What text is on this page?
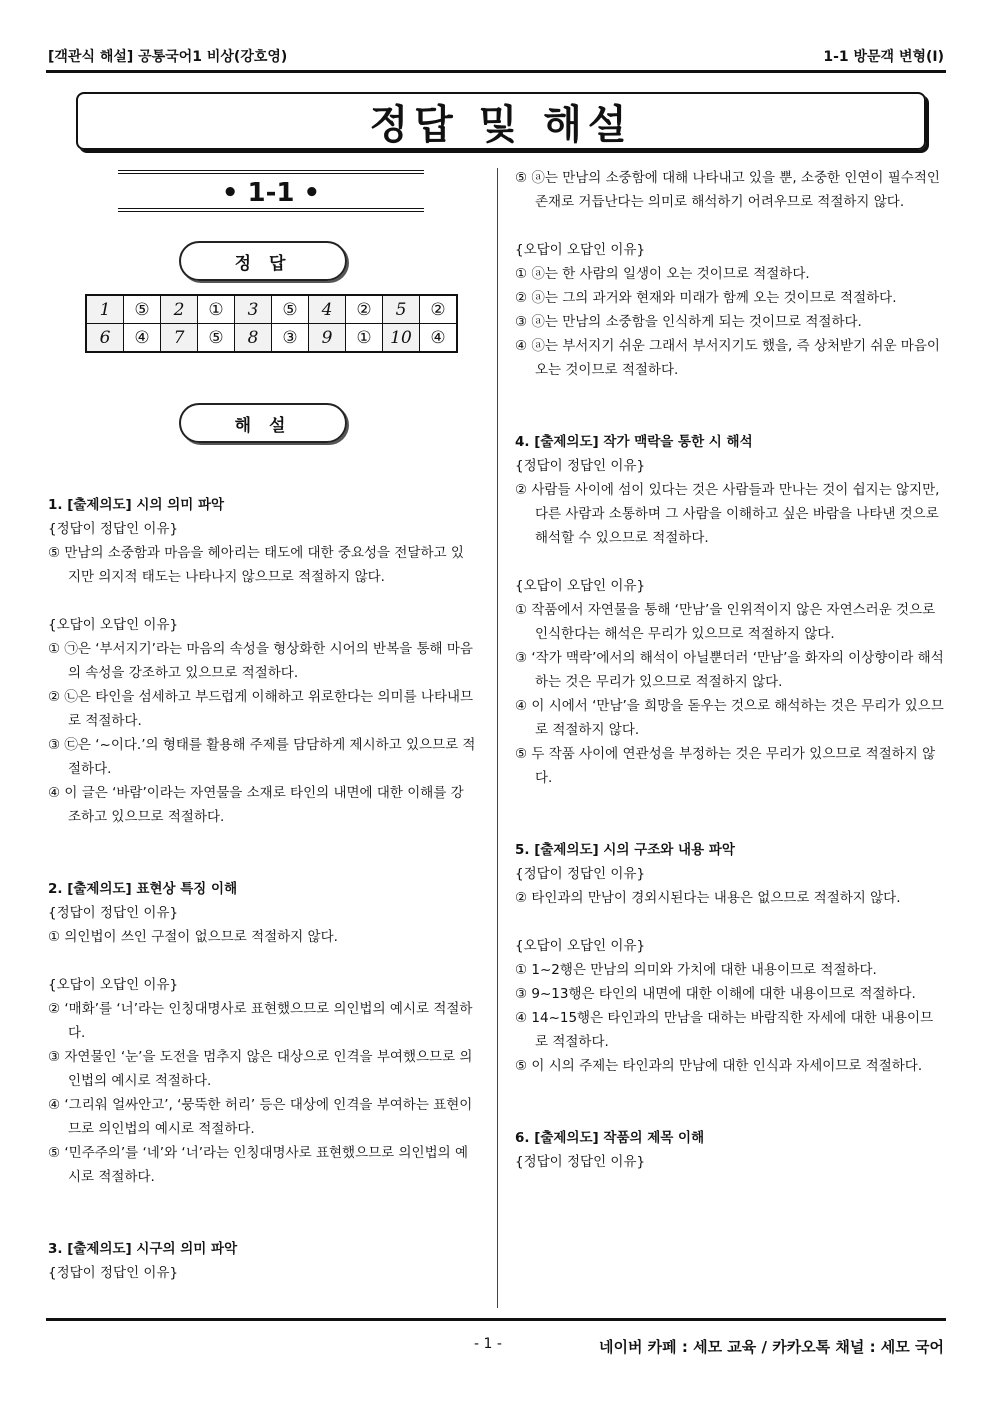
[객관식 해설] 공통국어1 비상(강호영)	1-1 방문객 변형(I)
정답 및 해설
• 1-1 •
정 답
1	⑤	2	①	3	⑤	4	②	5	②
6	④	7	⑤	8	③	9	①	10	④
해 설

1. [출제의도] 시의 의미 파악

{정답이 정답인 이유}

⑤ 만남의 소중함과 마음을 헤아리는 태도에 대한 중요성을 전달하고 있지만 의지적 태도는 나타나지 않으므로 적절하지 않다.

{오답이 오답인 이유}

① ㉠은 ‘부서지기’라는 마음의 속성을 형상화한 시어의 반복을 통해 마음의 속성을 강조하고 있으므로 적절하다.

② ㉡은 타인을 섬세하고 부드럽게 이해하고 위로한다는 의미를 나타내므로 적절하다.

③ ㉢은 ‘~이다.’의 형태를 활용해 주제를 담담하게 제시하고 있으므로 적절하다.

④ 이 글은 ‘바람’이라는 자연물을 소재로 타인의 내면에 대한 이해를 강조하고 있으므로 적절하다.

2. [출제의도] 표현상 특징 이해

{정답이 정답인 이유}

① 의인법이 쓰인 구절이 없으므로 적절하지 않다.

{오답이 오답인 이유}

② ‘매화’를 ‘너’라는 인칭대명사로 표현했으므로 의인법의 예시로 적절하다.

③ 자연물인 ‘눈’을 도전을 멈추지 않은 대상으로 인격을 부여했으므로 의인법의 예시로 적절하다.

④ ‘그리워 얼싸안고’, ‘뭉뚝한 허리’ 등은 대상에 인격을 부여하는 표현이므로 의인법의 예시로 적절하다.

⑤ ‘민주주의’를 ‘네’와 ‘너’라는 인칭대명사로 표현했으므로 의인법의 예시로 적절하다.

3. [출제의도] 시구의 의미 파악

{정답이 정답인 이유}

⑤ ⓐ는 만남의 소중함에 대해 나타내고 있을 뿐, 소중한 인연이 필수적인 존재로 거듭난다는 의미로 해석하기 어려우므로 적절하지 않다.

{오답이 오답인 이유}

① ⓐ는 한 사람의 일생이 오는 것이므로 적절하다.

② ⓐ는 그의 과거와 현재와 미래가 함께 오는 것이므로 적절하다.

③ ⓐ는 만남의 소중함을 인식하게 되는 것이므로 적절하다.

④ ⓐ는 부서지기 쉬운 그래서 부서지기도 했을, 즉 상처받기 쉬운 마음이 오는 것이므로 적절하다.

4. [출제의도] 작가 맥락을 통한 시 해석

{정답이 정답인 이유}

② 사람들 사이에 섬이 있다는 것은 사람들과 만나는 것이 쉽지는 않지만, 다른 사람과 소통하며 그 사람을 이해하고 싶은 바람을 나타낸 것으로 해석할 수 있으므로 적절하다.

{오답이 오답인 이유}

① 작품에서 자연물을 통해 ‘만남’을 인위적이지 않은 자연스러운 것으로 인식한다는 해석은 무리가 있으므로 적절하지 않다.

③ ‘작가 맥락’에서의 해석이 아닐뿐더러 ‘만남’을 화자의 이상향이라 해석하는 것은 무리가 있으므로 적절하지 않다.

④ 이 시에서 ‘만남’을 희망을 돋우는 것으로 해석하는 것은 무리가 있으므로 적절하지 않다.

⑤ 두 작품 사이에 연관성을 부정하는 것은 무리가 있으므로 적절하지 않다.

5. [출제의도] 시의 구조와 내용 파악

{정답이 정답인 이유}

② 타인과의 만남이 경외시된다는 내용은 없으므로 적절하지 않다.

{오답이 오답인 이유}

① 1~2행은 만남의 의미와 가치에 대한 내용이므로 적절하다.

③ 9~13행은 타인의 내면에 대한 이해에 대한 내용이므로 적절하다.

④ 14~15행은 타인과의 만남을 대하는 바람직한 자세에 대한 내용이므로 적절하다.

⑤ 이 시의 주제는 타인과의 만남에 대한 인식과 자세이므로 적절하다.

6. [출제의도] 작품의 제목 이해

{정답이 정답인 이유}

- 1 -	네이버 카페 : 세모 교육 / 카카오톡 채널 : 세모 국어
